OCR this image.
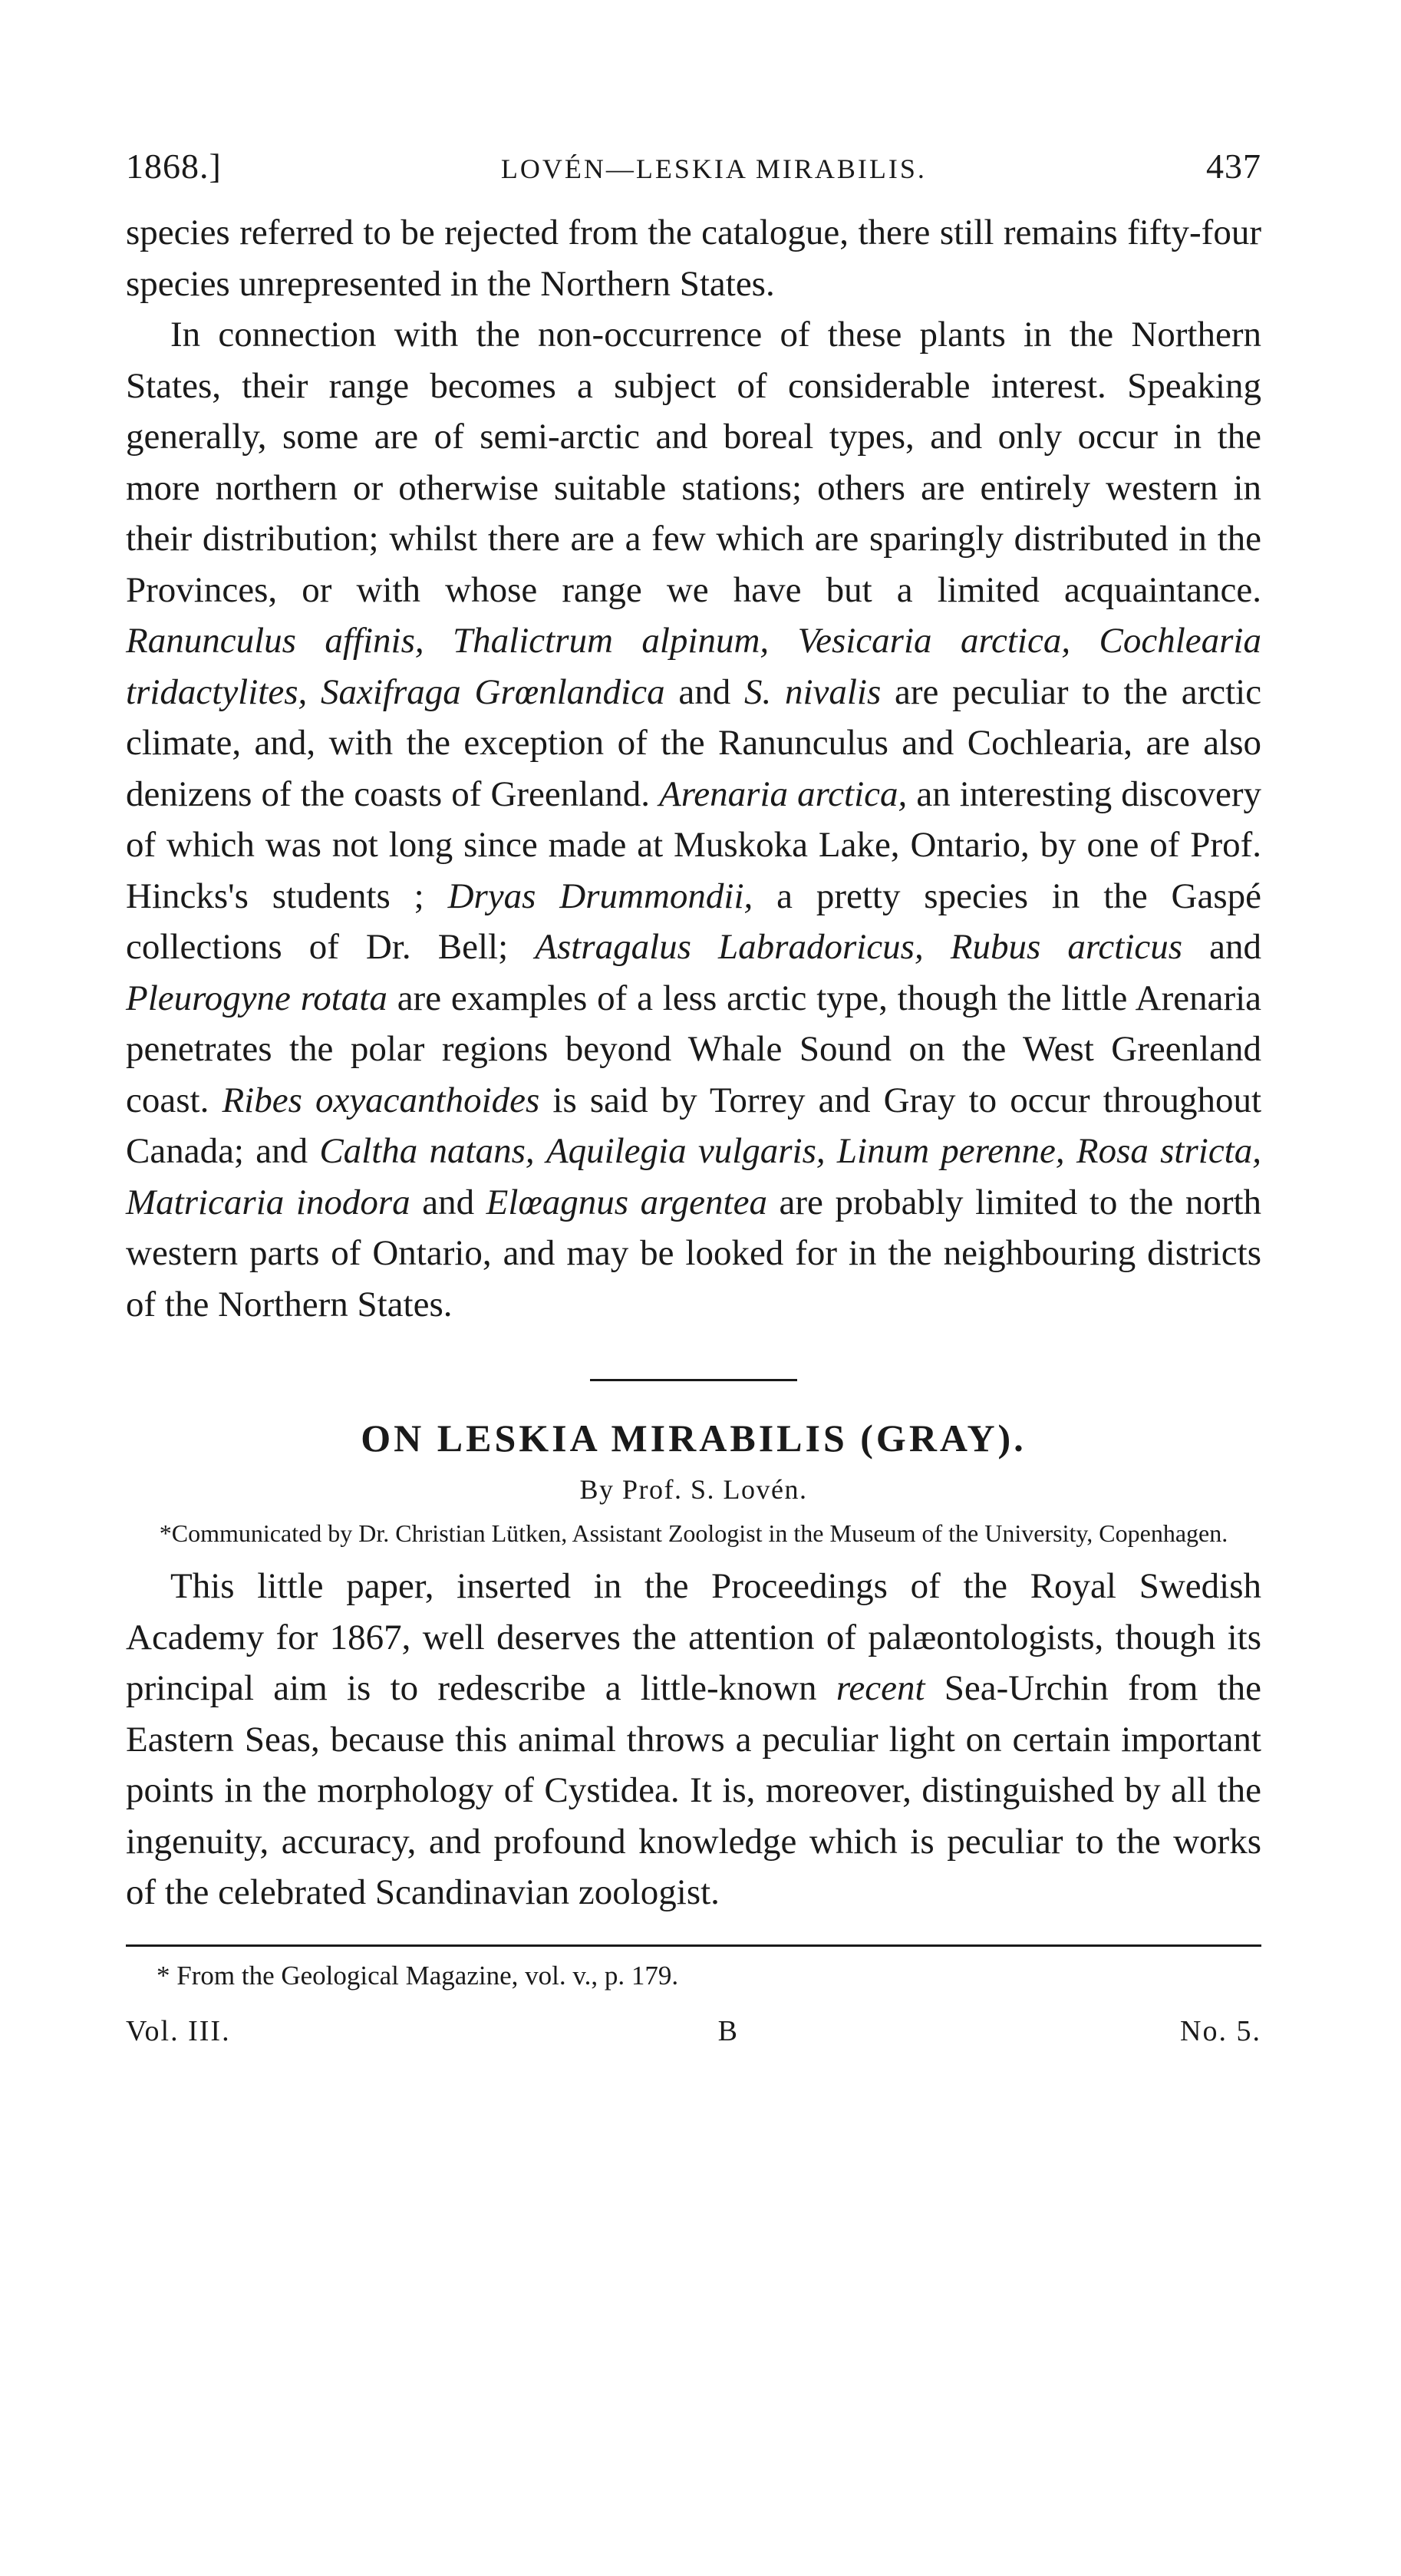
1868.]	LOVÉN—LESKIA MIRABILIS.	437

species referred to be rejected from the catalogue, there still remains fifty-four species unrepresented in the Northern States.

In connection with the non-occurrence of these plants in the Northern States, their range becomes a subject of considerable interest. Speaking generally, some are of semi-arctic and boreal types, and only occur in the more northern or otherwise suitable stations; others are entirely western in their distribution; whilst there are a few which are sparingly distributed in the Provinces, or with whose range we have but a limited acquaintance. Ranunculus affinis, Thalictrum alpinum, Vesicaria arctica, Cochlearia tridactylites, Saxifraga Grœnlandica and S. nivalis are peculiar to the arctic climate, and, with the exception of the Ranunculus and Cochlearia, are also denizens of the coasts of Greenland. Arenaria arctica, an interesting discovery of which was not long since made at Muskoka Lake, Ontario, by one of Prof. Hincks's students ; Dryas Drummondii, a pretty species in the Gaspé collections of Dr. Bell; Astragalus Labradoricus, Rubus arcticus and Pleurogyne rotata are examples of a less arctic type, though the little Arenaria penetrates the polar regions beyond Whale Sound on the West Greenland coast. Ribes oxyacanthoides is said by Torrey and Gray to occur throughout Canada; and Caltha natans, Aquilegia vulgaris, Linum perenne, Rosa stricta, Matricaria inodora and Elœagnus argentea are probably limited to the north western parts of Ontario, and may be looked for in the neighbouring districts of the Northern States.

ON LESKIA MIRABILIS (GRAY).

By Prof. S. Lovén.

*Communicated by Dr. Christian Lütken, Assistant Zoologist in the Museum of the University, Copenhagen.

This little paper, inserted in the Proceedings of the Royal Swedish Academy for 1867, well deserves the attention of palæontologists, though its principal aim is to redescribe a little-known recent Sea-Urchin from the Eastern Seas, because this animal throws a peculiar light on certain important points in the morphology of Cystidea. It is, moreover, distinguished by all the ingenuity, accuracy, and profound knowledge which is peculiar to the works of the celebrated Scandinavian zoologist.

* From the Geological Magazine, vol. v., p. 179.

Vol. III.	B	No. 5.
